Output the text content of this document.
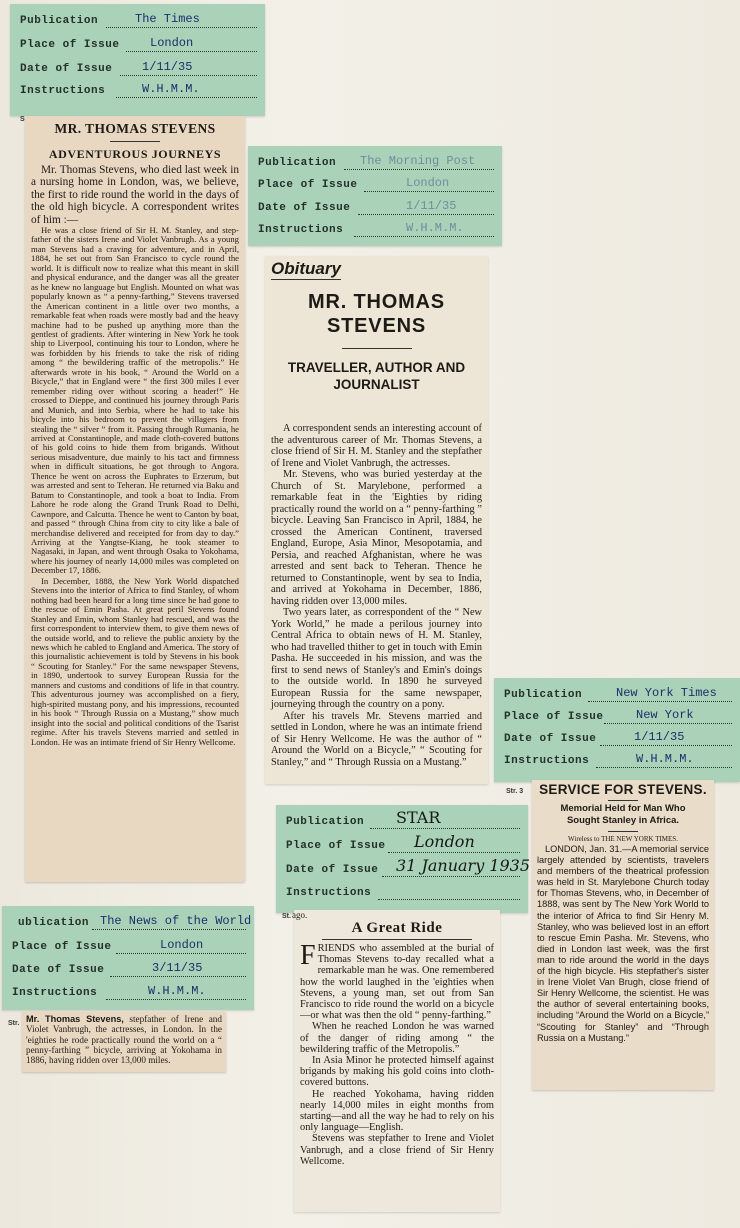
Publication	The Times
Place of Issue	London
Date of Issue 1/11/35
Instructions	W.H.M.M.
S
MR. THOMAS STEVENS
ADVENTUROUS JOURNEYS

Mr. Thomas Stevens, who died last week in a nursing home in London, was, we believe, the first to ride round the world in the days of the old high bicycle. A correspondent writes of him :—

He was a close friend of Sir H. M. Stanley, and step-father of the sisters Irene and Violet Vanbrugh. As a young man Stevens had a craving for adventure, and in April, 1884, he set out from San Francisco to cycle round the world. It is difficult now to realize what this meant in skill and physical endurance, and the danger was all the greater as he knew no language but English. Mounted on what was popularly known as “ a penny-farthing,” Stevens traversed the American continent in a little over two months, a remarkable feat when roads were mostly bad and the heavy machine had to be pushed up anything more than the gentlest of gradients. After wintering in New York he took ship to Liverpool, continuing his tour to London, where he was forbidden by his friends to take the risk of riding among “ the bewildering traffic of the metropolis.” He afterwards wrote in his book, “ Around the World on a Bicycle,” that in England were “ the first 300 miles I ever remember riding over without scoring a header!” He crossed to Dieppe, and continued his journey through Paris and Munich, and into Serbia, where he had to take his bicycle into his bedroom to prevent the villagers from stealing the “ silver ” from it. Passing through Rumania, he arrived at Constantinople, and made cloth-covered buttons of his gold coins to hide them from brigands. Without serious misadventure, due mainly to his tact and firmness when in difficult situations, he got through to Angora. Thence he went on across the Euphrates to Erzerum, but was arrested and sent to Teheran. He returned via Baku and Batum to Constantinople, and took a boat to India. From Lahore he rode along the Grand Trunk Road to Delhi, Cawnpore, and Calcutta. Thence he went to Canton by boat, and passed “ through China from city to city like a bale of merchandise delivered and receipted for from day to day.” Arriving at the Yangtse-Kiang, he took steamer to Nagasaki, in Japan, and went through Osaka to Yokohama, where his journey of nearly 14,000 miles was completed on December 17, 1886.

In December, 1888, the New York World dispatched Stevens into the interior of Africa to find Stanley, of whom nothing had been heard for a long time since he had gone to the rescue of Emin Pasha. At great peril Stevens found Stanley and Emin, whom Stanley had rescued, and was the first correspondent to interview them, to give them news of the outside world, and to relieve the public anxiety by the news which he cabled to England and America. The story of this journalistic achievement is told by Stevens in his book “ Scouting for Stanley.” For the same newspaper Stevens, in 1890, undertook to survey European Russia for the manners and customs and conditions of life in that country. This adventurous journey was accomplished on a fiery, high-spirited mustang pony, and his impressions, recounted in his book “ Through Russia on a Mustang,” show much insight into the social and political conditions of the Tsarist regime. After his travels Stevens married and settled in London. He was an intimate friend of Sir Henry Wellcome.

Publication The Morning Post
Place of Issue	London
Date of Issue	1/11/35
Instructions	W.H.M.M.
Obituary
MR. THOMAS STEVENS
TRAVELLER, AUTHOR AND JOURNALIST

A correspondent sends an interesting account of the adventurous career of Mr. Thomas Stevens, a close friend of Sir H. M. Stanley and the stepfather of Irene and Violet Vanbrugh, the actresses.

Mr. Stevens, who was buried yesterday at the Church of St. Marylebone, performed a remarkable feat in the 'Eighties by riding practically round the world on a “ penny-farthing ” bicycle. Leaving San Francisco in April, 1884, he crossed the American Continent, traversed England, Europe, Asia Minor, Mesopotamia, and Persia, and reached Afghanistan, where he was arrested and sent back to Teheran. Thence he returned to Constantinople, went by sea to India, and arrived at Yokohama in December, 1886, having ridden over 13,000 miles.

Two years later, as correspondent of the “ New York World,” he made a perilous journey into Central Africa to obtain news of H. M. Stanley, who had travelled thither to get in touch with Emin Pasha. He succeeded in his mission, and was the first to send news of Stanley's and Emin's doings to the outside world. In 1890 he surveyed European Russia for the same newspaper, journeying through the country on a pony.

After his travels Mr. Stevens married and settled in London, where he was an intimate friend of Sir Henry Wellcome. He was the author of “ Around the World on a Bicycle,” “ Scouting for Stanley,” and “ Through Russia on a Mustang.”

Publication	New York Times
Place of Issue	New York
Date of Issue	1/11/35
Instructions	W.H.M.M.
Str. 3 SERVICE FOR STEVENS.
Memorial Held for Man Who Sought Stanley in Africa.
Wireless to THE NEW YORK TIMES.

LONDON, Jan. 31.—A memorial service largely attended by scientists, travelers and members of the theatrical profession was held in St. Marylebone Church today for Thomas Stevens, who, in December of 1888, was sent by The New York World to the interior of Africa to find Sir Henry M. Stanley, who was believed lost in an effort to rescue Emin Pasha. Mr. Stevens, who died in London last week, was the first man to ride around the world in the days of the high bicycle. His stepfather's sister in Irene Violet Van Brugh, close friend of Sir Henry Wellcome, the scientist. He was the author of several entertaining books, including “Around the World on a Bicycle,” “Scouting for Stanley” and “Through Russia on a Mustang.”

Publication STAR
Place of Issue London
Date of Issue 31 January 1935
Instructions
St. ago.
A Great Ride

FRIENDS who assembled at the burial of Thomas Stevens to-day recalled what a remarkable man he was. One remembered how the world laughed in the 'eighties when Stevens, a young man, set out from San Francisco to ride round the world on a bicycle—or what was then the old “ penny-farthing.”

When he reached London he was warned of the danger of riding among “ the bewildering traffic of the Metropolis.”

In Asia Minor he protected himself against brigands by making his gold coins into cloth-covered buttons.

He reached Yokohama, having ridden nearly 14,000 miles in eight months from starting—and all the way he had to rely on his only language—English.

Stevens was stepfather to Irene and Violet Vanbrugh, and a close friend of Sir Henry Wellcome.

ublication The News of the World
Place of Issue	London
Date of Issue	3/11/35
Instructions	W.H.M.M.
Str. Mr. Thomas Stevens, stepfather of Irene and Violet Vanbrugh, the actresses, in London. In the 'eighties he rode practically round the world on a “ penny-farthing ” bicycle, arriving at Yokohama in 1886, having ridden over 13,000 miles.
